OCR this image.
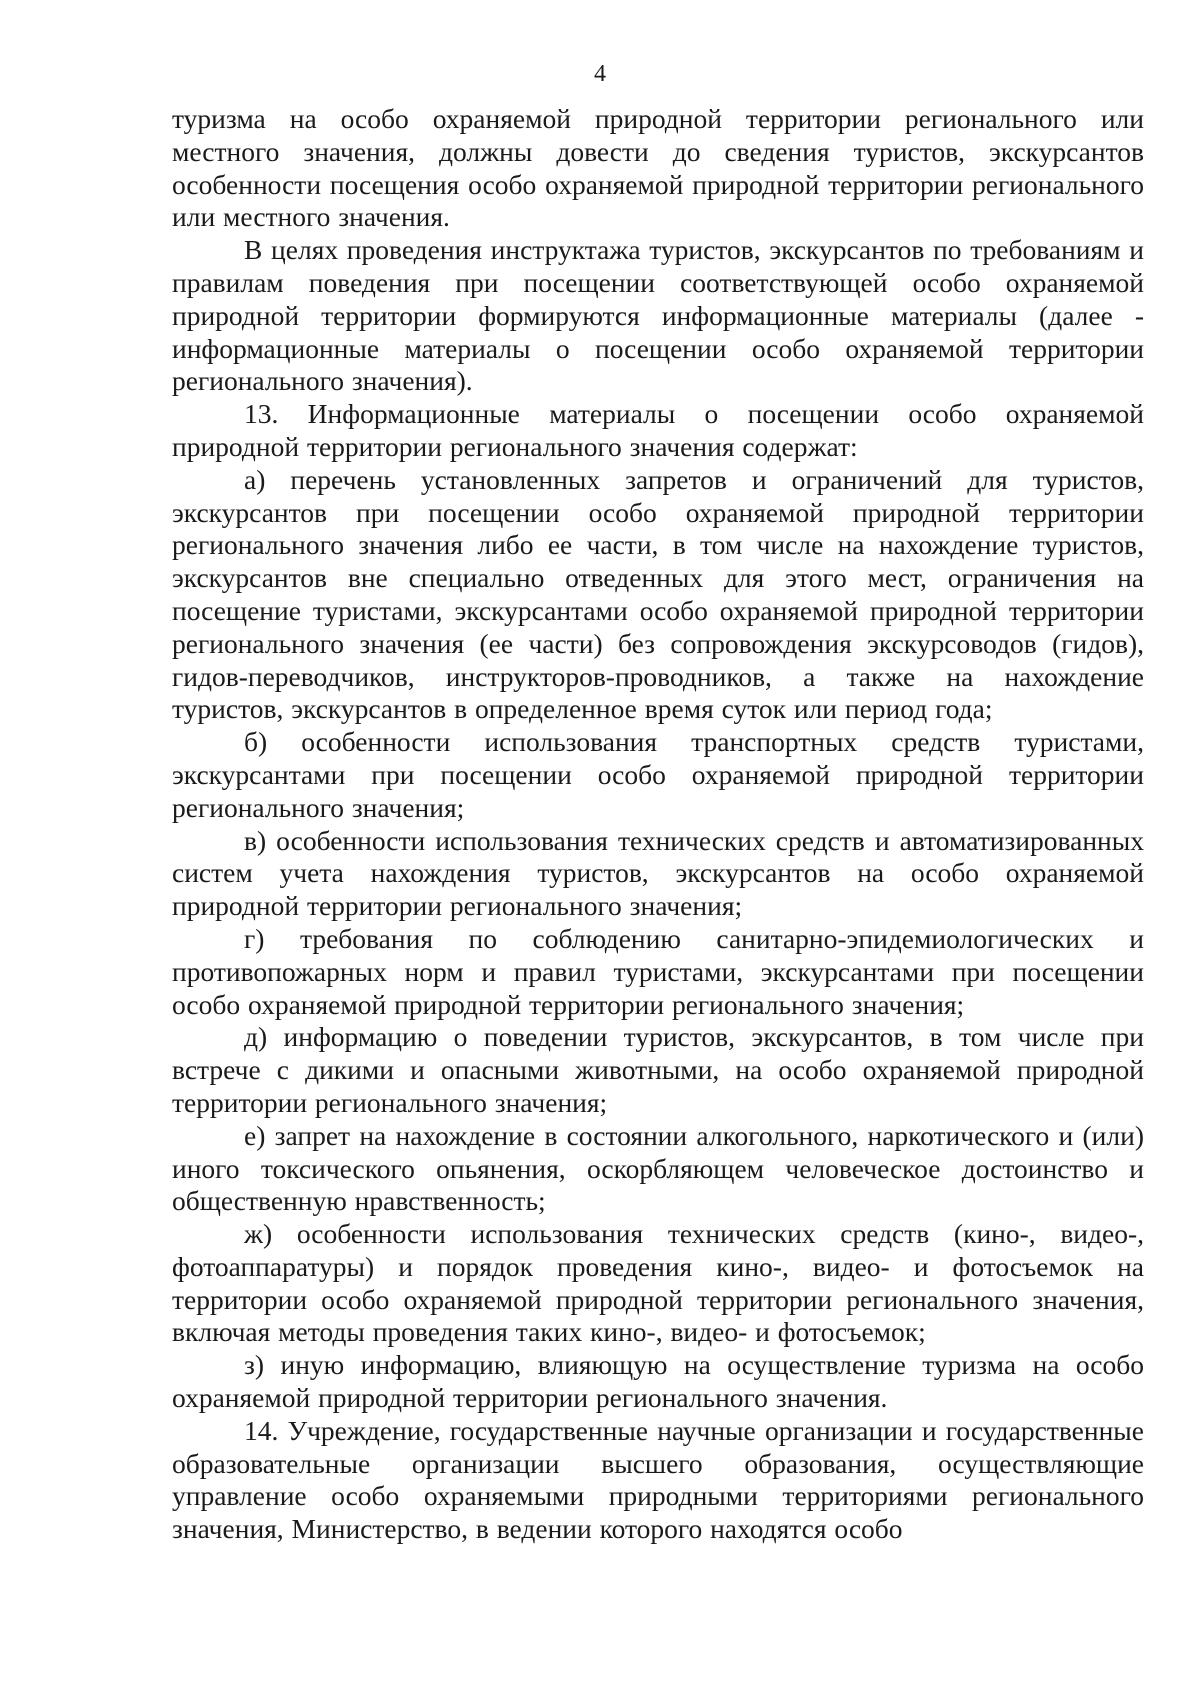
4

туризма на особо охраняемой природной территории регионального или местного значения, должны довести до сведения туристов, экскурсантов особенности посещения особо охраняемой природной территории регионального или местного значения.

В целях проведения инструктажа туристов, экскурсантов по требованиям и правилам поведения при посещении соответствующей особо охраняемой природной территории формируются информационные материалы (далее - информационные материалы о посещении особо охраняемой территории регионального значения).

13. Информационные материалы о посещении особо охраняемой природной территории регионального значения содержат:

а) перечень установленных запретов и ограничений для туристов, экскурсантов при посещении особо охраняемой природной территории регионального значения либо ее части, в том числе на нахождение туристов, экскурсантов вне специально отведенных для этого мест, ограничения на посещение туристами, экскурсантами особо охраняемой природной территории регионального значения (ее части) без сопровождения экскурсоводов (гидов), гидов-переводчиков, инструкторов-проводников, а также на нахождение туристов, экскурсантов в определенное время суток или период года;

б) особенности использования транспортных средств туристами, экскурсантами при посещении особо охраняемой природной территории регионального значения;

в) особенности использования технических средств и автоматизированных систем учета нахождения туристов, экскурсантов на особо охраняемой природной территории регионального значения;

г) требования по соблюдению санитарно-эпидемиологических и противопожарных норм и правил туристами, экскурсантами при посещении особо охраняемой природной территории регионального значения;

д) информацию о поведении туристов, экскурсантов, в том числе при встрече с дикими и опасными животными, на особо охраняемой природной территории регионального значения;

е) запрет на нахождение в состоянии алкогольного, наркотического и (или) иного токсического опьянения, оскорбляющем человеческое достоинство и общественную нравственность;

ж) особенности использования технических средств (кино-, видео-, фотоаппаратуры) и порядок проведения кино-, видео- и фотосъемок на территории особо охраняемой природной территории регионального значения, включая методы проведения таких кино-, видео- и фотосъемок;

з) иную информацию, влияющую на осуществление туризма на особо охраняемой природной территории регионального значения.

14. Учреждение, государственные научные организации и государственные образовательные организации высшего образования, осуществляющие управление особо охраняемыми природными территориями регионального значения, Министерство, в ведении которого находятся особо
